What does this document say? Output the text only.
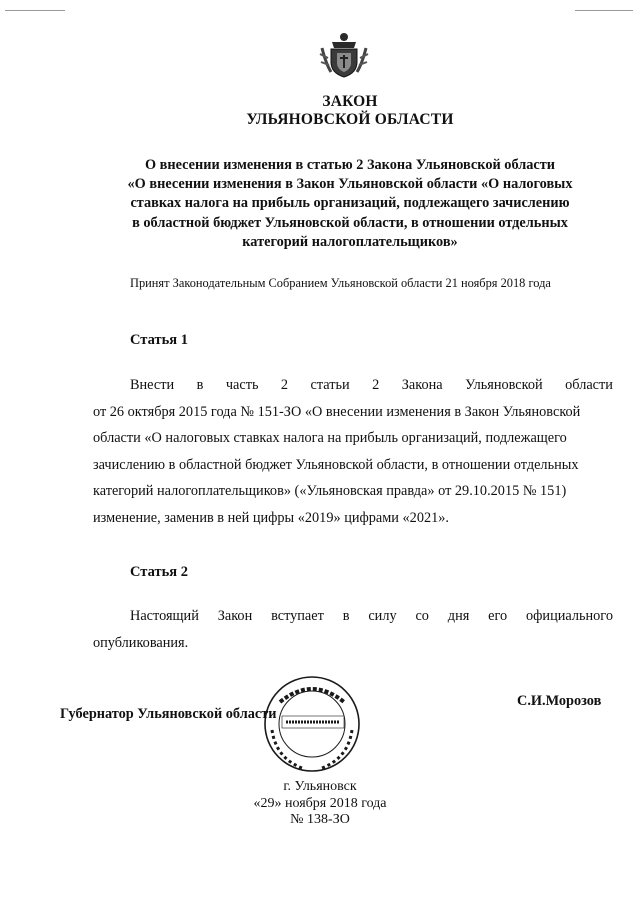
ЗАКОН
УЛЬЯНОВСКОЙ ОБЛАСТИ
О внесении изменения в статью 2 Закона Ульяновской области
«О внесении изменения в Закон Ульяновской области «О налоговых
ставках налога на прибыль организаций, подлежащего зачислению
в областной бюджет Ульяновской области, в отношении отдельных
категорий налогоплательщиков»
Принят Законодательным Собранием Ульяновской области 21 ноября 2018 года
Статья 1
Внести в часть 2 статьи 2 Закона Ульяновской области
от 26 октября 2015 года № 151-ЗО «О внесении изменения в Закон Ульяновской
области «О налоговых ставках налога на прибыль организаций, подлежащего
зачислению в областной бюджет Ульяновской области, в отношении отдельных
категорий налогоплательщиков» («Ульяновская правда» от 29.10.2015 № 151)
изменение, заменив в ней цифры «2019» цифрами «2021».
Статья 2
Настоящий Закон вступает в силу со дня его официального
опубликования.
Губернатор Ульяновской области
С.И.Морозов
г. Ульяновск
«29» ноября 2018 года
№ 138-ЗО
